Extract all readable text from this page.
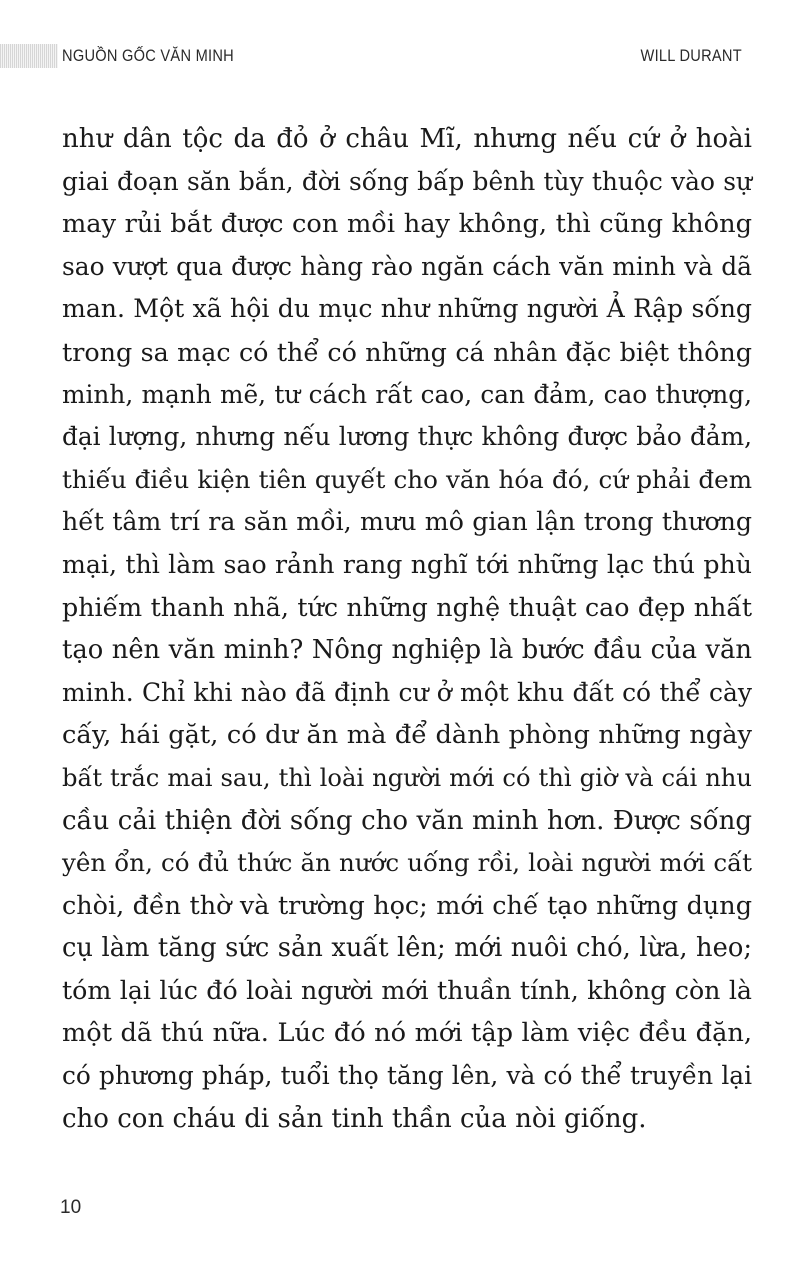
NGUỒN GỐC VĂN MINH	WILL DURANT
như dân tộc da đỏ ở châu Mĩ, nhưng nếu cứ ở hoài
giai đoạn săn bắn, đời sống bấp bênh tùy thuộc vào sự
may rủi bắt được con mồi hay không, thì cũng không
sao vượt qua được hàng rào ngăn cách văn minh và dã
man. Một xã hội du mục như những người Ả Rập sống
trong sa mạc có thể có những cá nhân đặc biệt thông
minh, mạnh mẽ, tư cách rất cao, can đảm, cao thượng,
đại lượng, nhưng nếu lương thực không được bảo đảm,
thiếu điều kiện tiên quyết cho văn hóa đó, cứ phải đem
hết tâm trí ra săn mồi, mưu mô gian lận trong thương
mại, thì làm sao rảnh rang nghĩ tới những lạc thú phù
phiếm thanh nhã, tức những nghệ thuật cao đẹp nhất
tạo nên văn minh? Nông nghiệp là bước đầu của văn
minh. Chỉ khi nào đã định cư ở một khu đất có thể cày
cấy, hái gặt, có dư ăn mà để dành phòng những ngày
bất trắc mai sau, thì loài người mới có thì giờ và cái nhu
cầu cải thiện đời sống cho văn minh hơn. Được sống
yên ổn, có đủ thức ăn nước uống rồi, loài người mới cất
chòi, đền thờ và trường học; mới chế tạo những dụng
cụ làm tăng sức sản xuất lên; mới nuôi chó, lừa, heo;
tóm lại lúc đó loài người mới thuần tính, không còn là
một dã thú nữa. Lúc đó nó mới tập làm việc đều đặn,
có phương pháp, tuổi thọ tăng lên, và có thể truyền lại
cho con cháu di sản tinh thần của nòi giống.
10
